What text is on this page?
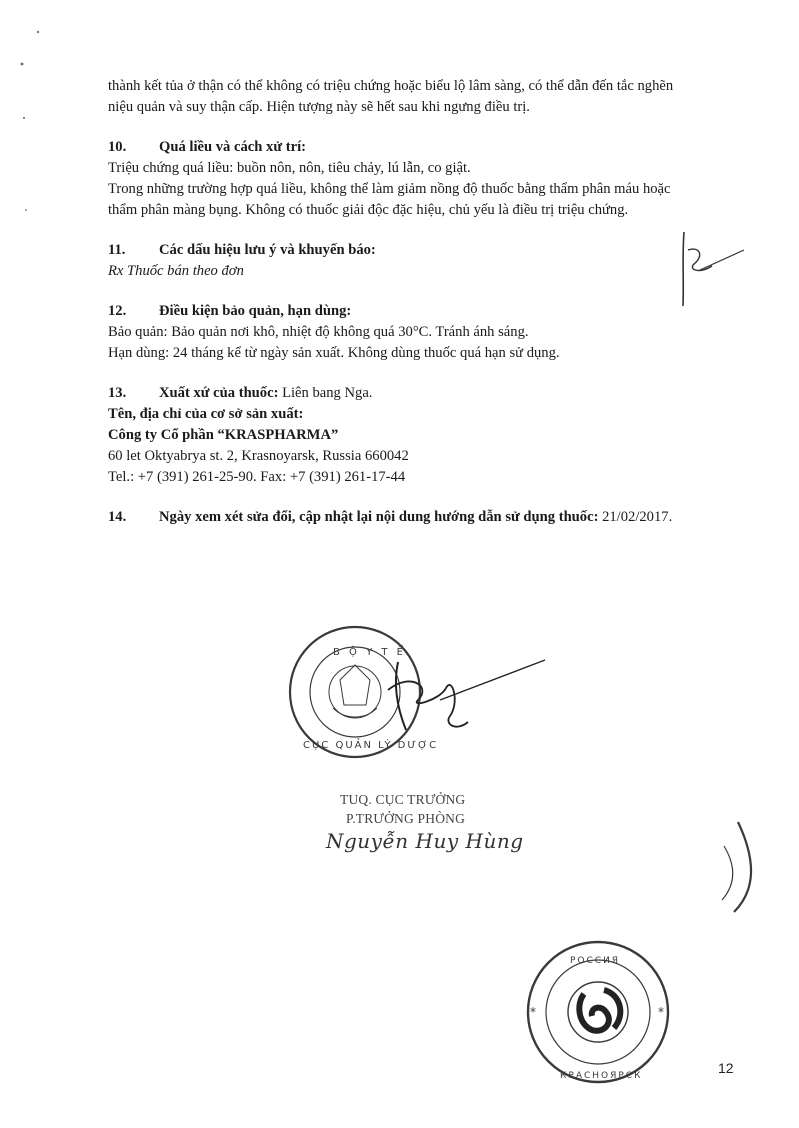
thành kết tủa ở thận có thể không có triệu chứng hoặc biểu lộ lâm sàng, có thể dẫn đến tắc nghẽn

niệu quản và suy thận cấp. Hiện tượng này sẽ hết sau khi ngưng điều trị.

10. Quá liều và cách xử trí:

Triệu chứng quá liều: buồn nôn, nôn, tiêu chảy, lú lẫn, co giật.

Trong những trường hợp quá liều, không thể làm giảm nồng độ thuốc bằng thẩm phân máu hoặc

thẩm phân màng bụng. Không có thuốc giải độc đặc hiệu, chủ yếu là điều trị triệu chứng.

11. Các dấu hiệu lưu ý và khuyến báo:

Rx Thuốc bán theo đơn

12. Điều kiện bảo quản, hạn dùng:

Bảo quản: Bảo quản nơi khô, nhiệt độ không quá 30°C. Tránh ánh sáng.

Hạn dùng: 24 tháng kể từ ngày sản xuất. Không dùng thuốc quá hạn sử dụng.

13. Xuất xứ của thuốc: Liên bang Nga.

Tên, địa chỉ của cơ sở sản xuất:

Công ty Cổ phần “KRASPHARMA”

60 let Oktyabrya st. 2, Krasnoyarsk, Russia 660042

Tel.: +7 (391) 261-25-90. Fax: +7 (391) 261-17-44

14. Ngày xem xét sửa đổi, cập nhật lại nội dung hướng dẫn sử dụng thuốc: 21/02/2017.

B Ộ Y T Ế
CỤC QUẢN LÝ DƯỢC
TUQ. CỤC TRƯỞNG
P.TRƯỞNG PHÒNG
Nguyễn Huy Hùng
РОССИЯ
КРАСНОЯРСК
*	*
12
